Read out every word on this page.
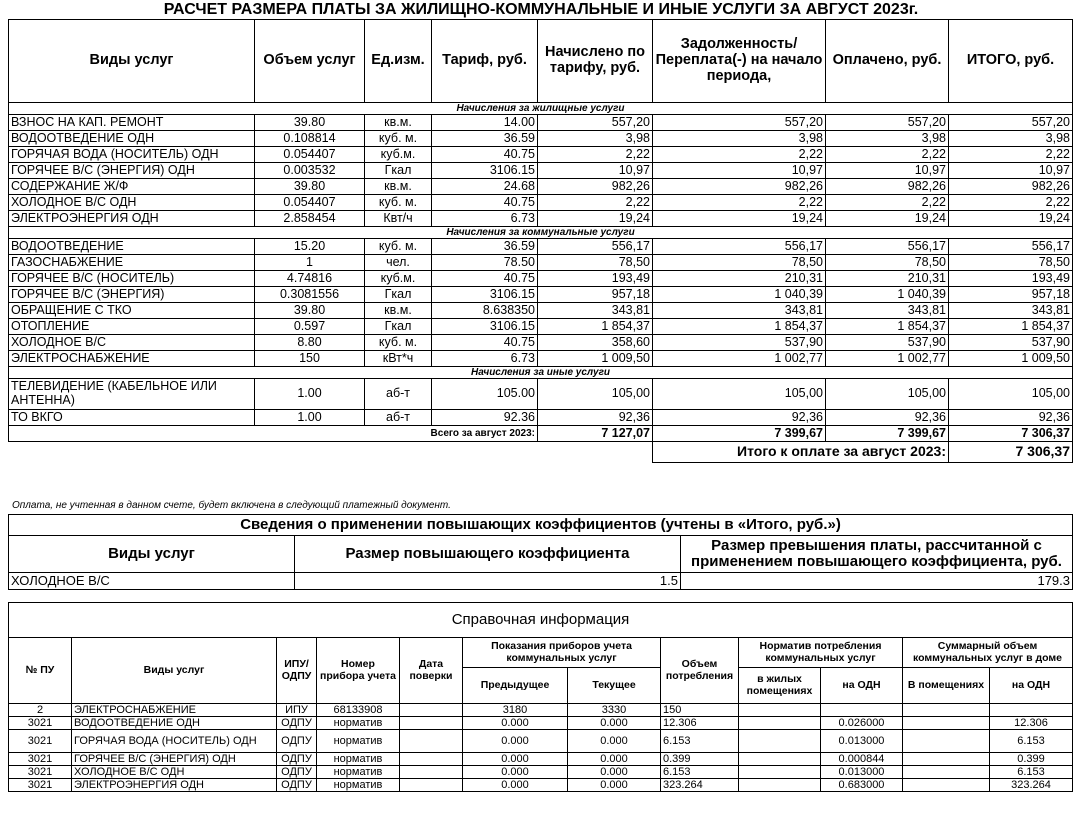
РАСЧЕТ РАЗМЕРА ПЛАТЫ ЗА ЖИЛИЩНО-КОММУНАЛЬНЫЕ И ИНЫЕ УСЛУГИ ЗА АВГУСТ 2023г.
Виды услуг	Объем услуг	Ед.изм.	Тариф, руб.	Начислено по тарифу, руб.	Задолженность/ Переплата(-) на начало периода,	Оплачено, руб.	ИТОГО, руб.
Начисления за жилищные услуги							
ВЗНОС НА КАП. РЕМОНТ	39.80	кв.м.	14.00	557,20	557,20	557,20	557,20
ВОДООТВЕДЕНИЕ ОДН	0.108814	куб. м.	36.59	3,98	3,98	3,98	3,98
ГОРЯЧАЯ ВОДА (НОСИТЕЛЬ) ОДН	0.054407	куб.м.	40.75	2,22	2,22	2,22	2,22
ГОРЯЧЕЕ В/С (ЭНЕРГИЯ) ОДН	0.003532	Гкал	3106.15	10,97	10,97	10,97	10,97
СОДЕРЖАНИЕ Ж/Ф	39.80	кв.м.	24.68	982,26	982,26	982,26	982,26
ХОЛОДНОЕ В/С ОДН	0.054407	куб. м.	40.75	2,22	2,22	2,22	2,22
ЭЛЕКТРОЭНЕРГИЯ ОДН	2.858454	Квт/ч	6.73	19,24	19,24	19,24	19,24
Начисления за коммунальные услуги							
ВОДООТВЕДЕНИЕ	15.20	куб. м.	36.59	556,17	556,17	556,17	556,17
ГАЗОСНАБЖЕНИЕ	1	чел.	78.50	78,50	78,50	78,50	78,50
ГОРЯЧЕЕ В/С (НОСИТЕЛЬ)	4.74816	куб.м.	40.75	193,49	210,31	210,31	193,49
ГОРЯЧЕЕ В/С (ЭНЕРГИЯ)	0.3081556	Гкал	3106.15	957,18	1 040,39	1 040,39	957,18
ОБРАЩЕНИЕ С ТКО	39.80	кв.м.	8.638350	343,81	343,81	343,81	343,81
ОТОПЛЕНИЕ	0.597	Гкал	3106.15	1 854,37	1 854,37	1 854,37	1 854,37
ХОЛОДНОЕ В/С	8.80	куб. м.	40.75	358,60	537,90	537,90	537,90
ЭЛЕКТРОСНАБЖЕНИЕ	150	кВт*ч	6.73	1 009,50	1 002,77	1 002,77	1 009,50
Начисления за иные услуги							
ТЕЛЕВИДЕНИЕ (КАБЕЛЬНОЕ ИЛИ АНТЕННА)	1.00	аб-т	105.00	105,00	105,00	105,00	105,00
ТО ВКГО	1.00	аб-т	92.36	92,36	92,36	92,36	92,36
Всего за август 2023:				7 127,07	7 399,67	7 399,67	7 306,37
					Итого к оплате за август 2023:		7 306,37
Оплата, не учтенная в данном счете, будет включена в следующий платежный документ.
Сведения о применении повышающих коэффициентов (учтены в «Итого, руб.»)		
Виды услуг	Размер повышающего коэффициента	Размер превышения платы, рассчитанной с применением повышающего коэффициента, руб.
ХОЛОДНОЕ В/С	1.5	179.3
Справочная информация											
№ ПУ	Виды услуг	ИПУ/ ОДПУ	Номер прибора учета	Дата поверки	Показания приборов учета коммунальных услуг		Объем потребления	Норматив потребления коммунальных услуг		Суммарный объем коммунальных услуг в доме	
					Предыдущее	Текущее		в жилых помещениях	на ОДН	В помещениях	на ОДН
2	ЭЛЕКТРОСНАБЖЕНИЕ	ИПУ	68133908		3180	3330	150				
3021	ВОДООТВЕДЕНИЕ ОДН	ОДПУ	норматив		0.000	0.000	12.306		0.026000		12.306
3021	ГОРЯЧАЯ ВОДА (НОСИТЕЛЬ) ОДН	ОДПУ	норматив		0.000	0.000	6.153		0.013000		6.153
3021	ГОРЯЧЕЕ В/С (ЭНЕРГИЯ) ОДН	ОДПУ	норматив		0.000	0.000	0.399		0.000844		0.399
3021	ХОЛОДНОЕ В/С ОДН	ОДПУ	норматив		0.000	0.000	6.153		0.013000		6.153
3021	ЭЛЕКТРОЭНЕРГИЯ ОДН	ОДПУ	норматив		0.000	0.000	323.264		0.683000		323.264
